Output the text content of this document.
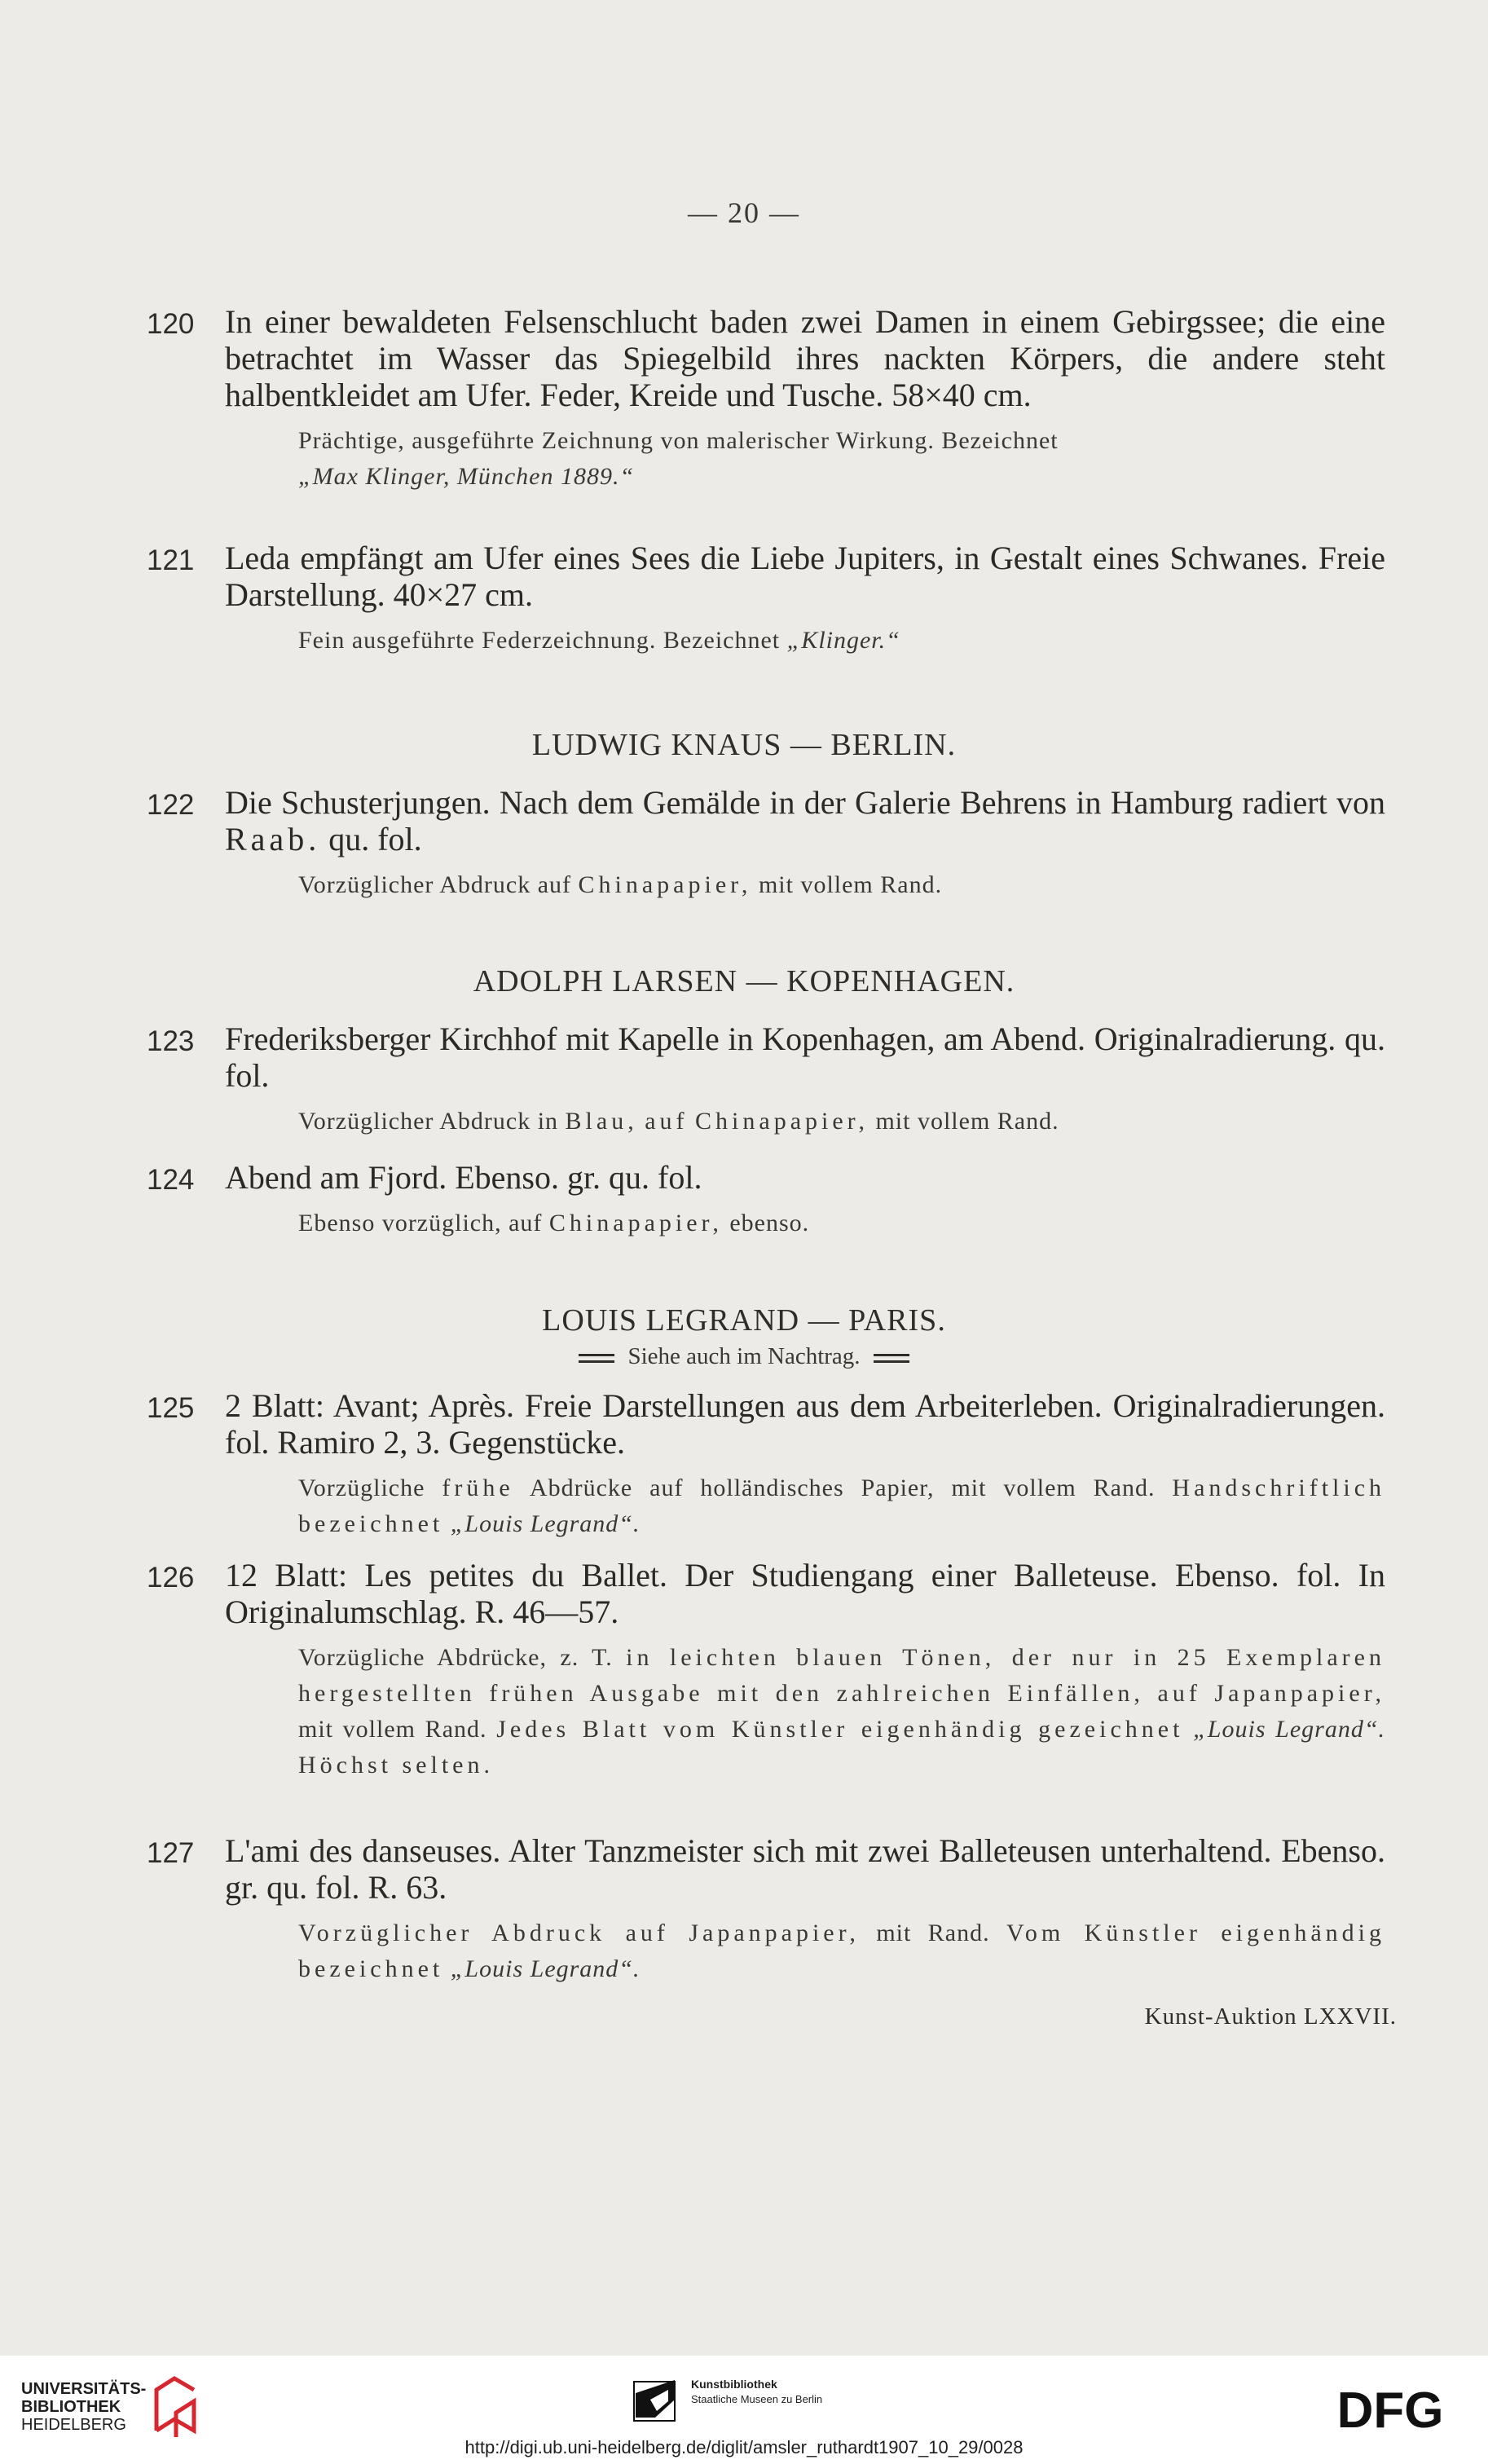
— 20 —
120 In einer bewaldeten Felsenschlucht baden zwei Damen in einem Gebirgssee; die eine betrachtet im Wasser das Spiegelbild ihres nackten Körpers, die andere steht halbentkleidet am Ufer. Feder, Kreide und Tusche. 58×40 cm.
Prächtige, ausgeführte Zeichnung von malerischer Wirkung. Bezeichnet
„Max Klinger, München 1889.“
121 Leda empfängt am Ufer eines Sees die Liebe Jupiters, in Gestalt eines Schwanes. Freie Darstellung. 40×27 cm.
Fein ausgeführte Federzeichnung. Bezeichnet „Klinger.“
LUDWIG KNAUS — BERLIN.
122 Die Schusterjungen. Nach dem Gemälde in der Galerie Behrens in Hamburg radiert von Raab. qu. fol.
Vorzüglicher Abdruck auf Chinapapier, mit vollem Rand.
ADOLPH LARSEN — KOPENHAGEN.
123 Frederiksberger Kirchhof mit Kapelle in Kopenhagen, am Abend. Originalradierung. qu. fol.
Vorzüglicher Abdruck in Blau, auf Chinapapier, mit vollem Rand.
124 Abend am Fjord. Ebenso. gr. qu. fol.
Ebenso vorzüglich, auf Chinapapier, ebenso.
LOUIS LEGRAND — PARIS.
Siehe auch im Nachtrag.
125 2 Blatt: Avant; Après. Freie Darstellungen aus dem Arbeiterleben. Originalradierungen. fol. Ramiro 2, 3. Gegenstücke.
Vorzügliche frühe Abdrücke auf holländisches Papier, mit vollem Rand. Handschriftlich bezeichnet „Louis Legrand“.
126 12 Blatt: Les petites du Ballet. Der Studiengang einer Balleteuse. Ebenso. fol. In Originalumschlag. R. 46—57.
Vorzügliche Abdrücke, z. T. in leichten blauen Tönen, der nur in 25 Exemplaren hergestellten frühen Ausgabe mit den zahlreichen Einfällen, auf Japanpapier, mit vollem Rand. Jedes Blatt vom Künstler eigenhändig gezeichnet „Louis Legrand“. Höchst selten.
127 L'ami des danseuses. Alter Tanzmeister sich mit zwei Balleteusen unterhaltend. Ebenso. gr. qu. fol. R. 63.
Vorzüglicher Abdruck auf Japanpapier, mit Rand. Vom Künstler eigenhändig bezeichnet „Louis Legrand“.
Kunst-Auktion LXXVII.
UNIVERSITÄTS-
BIBLIOTHEK
HEIDELBERG
Kunstbibliothek
Staatliche Museen zu Berlin	DFG
http://digi.ub.uni-heidelberg.de/diglit/amsler_ruthardt1907_10_29/0028
